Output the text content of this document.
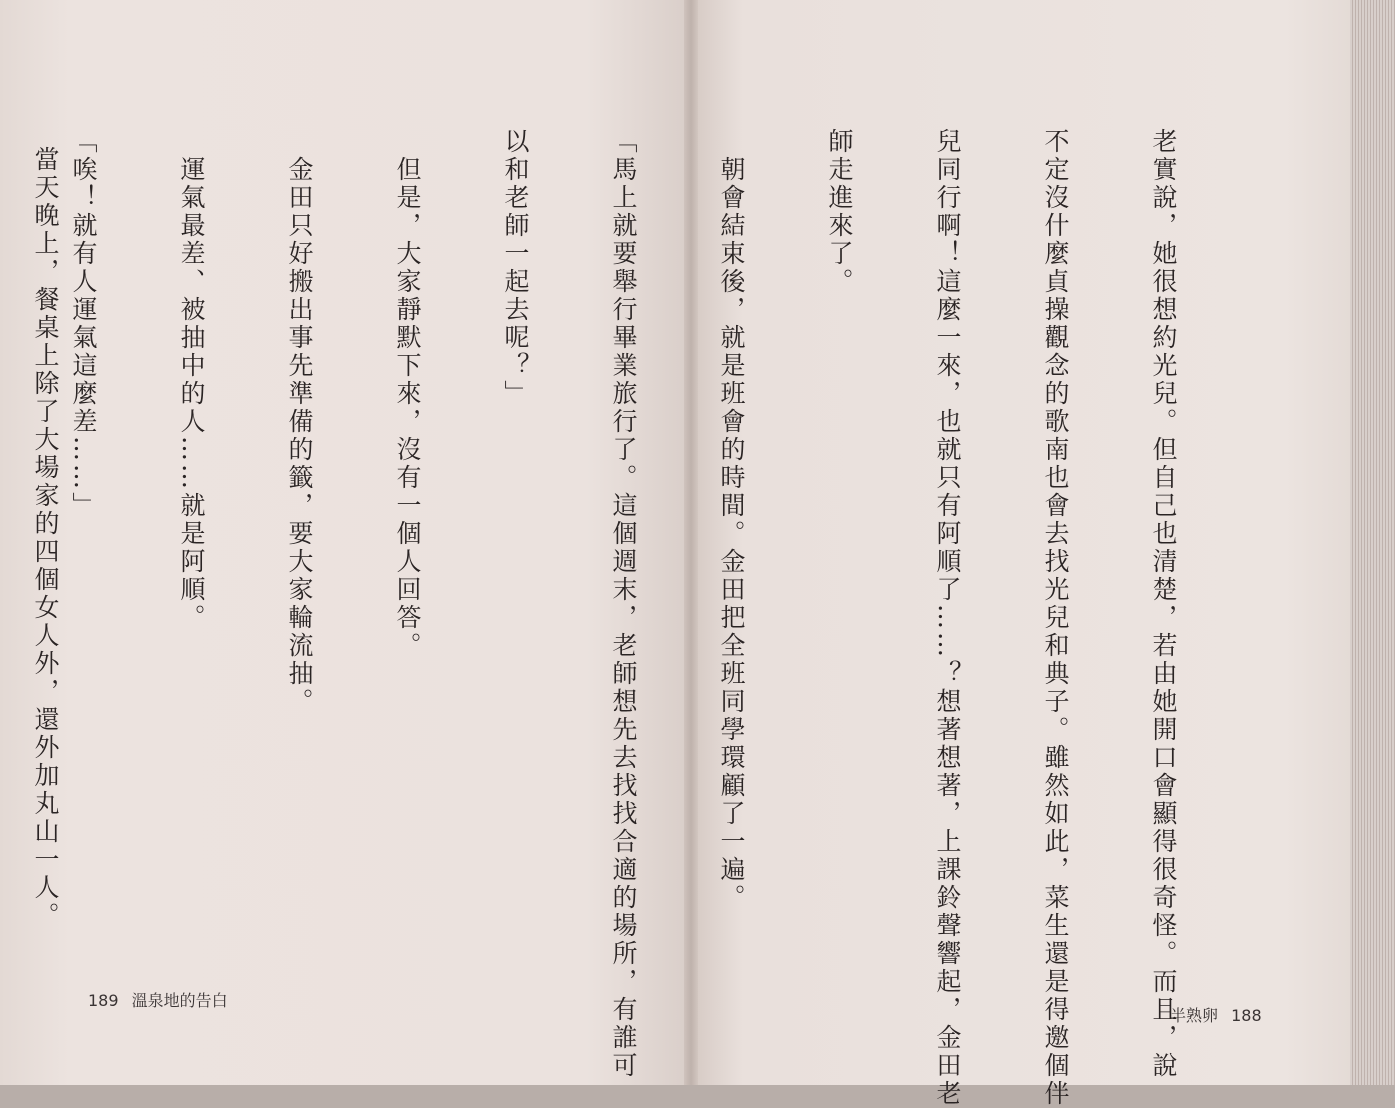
　當天晚上，餐桌上除了大場家的四個女人外，還外加丸山一人。

189 溫泉地的告白

	老實說，她很想約光兒。但自己也清楚，若由她開口會顯得很奇怪。而且，說

不定沒什麼貞操觀念的歌南也會去找光兒和典子。雖然如此，菜生還是得邀個伴

兒同行啊！這麼一來，也就只有阿順了……？想著想著，上課鈴聲響起，金田老

師走進來了。

　朝會結束後，就是班會的時間。金田把全班同學環顧了一遍。

「馬上就要舉行畢業旅行了。這個週末，老師想先去找找合適的場所，有誰可

以和老師一起去呢？」

　但是，大家靜默下來，沒有一個人回答。

　金田只好搬出事先準備的籤，要大家輪流抽。

　運氣最差、被抽中的人……就是阿順。

「唉！就有人運氣這麼差……」

半熟卵 188
